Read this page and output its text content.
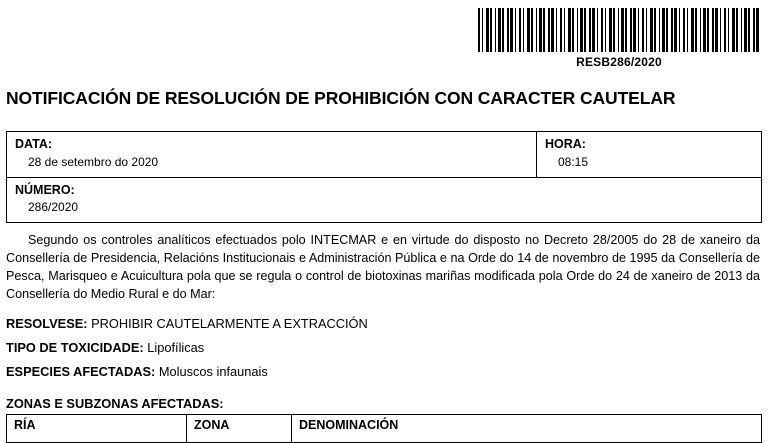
RESB286/2020
NOTIFICACIÓN DE RESOLUCIÓN DE PROHIBICIÓN CON CARACTER CAUTELAR
DATA:
28 de setembro do 2020

HORA:
08:15

NÚMERO:
286/2020
Segundo os controles analíticos efectuados polo INTECMAR e en virtude do disposto no Decreto 28/2005 do 28 de xaneiro da Consellería de Presidencia, Relacións Institucionais e Administración Pública e na Orde do 14 de novembro de 1995 da Consellería de Pesca, Marisqueo e Acuicultura pola que se regula o control de biotoxinas mariñas modificada pola Orde do 24 de xaneiro de 2013 da Consellería do Medio Rural e do Mar:
RESOLVESE: PROHIBIR CAUTELARMENTE A EXTRACCIÓN
TIPO DE TOXICIDADE: Lipofílicas
ESPECIES AFECTADAS: Moluscos infaunais
ZONAS E SUBZONAS AFECTADAS:
RÍA	ZONA	DENOMINACIÓN
